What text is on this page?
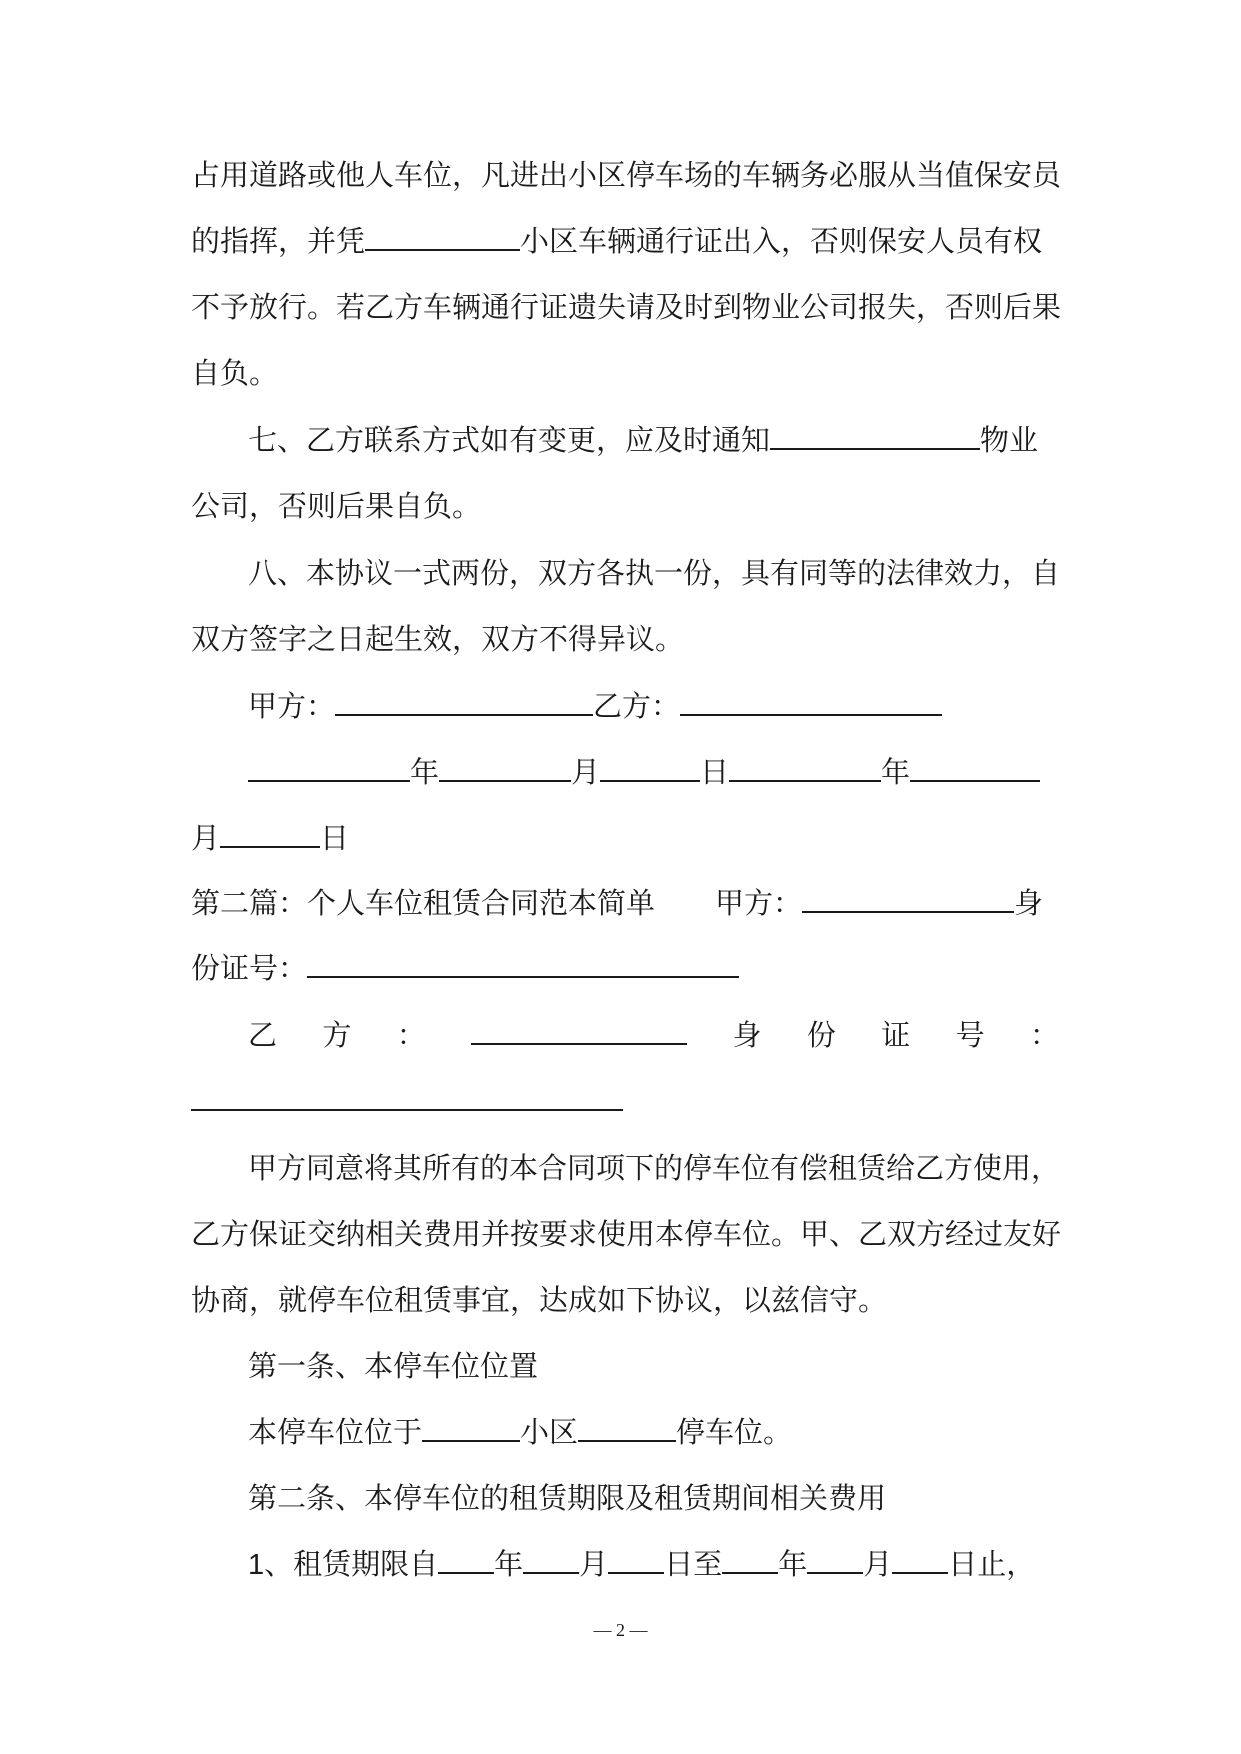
占用道路或他人车位，凡进出小区停车场的车辆务必服从当值保安员
的指挥，并凭	小区车辆通行证出入，否则保安人员有权
不予放行。若乙方车辆通行证遗失请及时到物业公司报失，否则后果
自负。
七、乙方联系方式如有变更，应及时通知	物业
公司，否则后果自负。
八、本协议一式两份，双方各执一份，具有同等的法律效力，自
双方签字之日起生效，双方不得异议。
甲方：	乙方：
年	月	日	年
月	日
第二篇：个人车位租赁合同范本简单 甲方：	身
份证号：
乙 方 ：	身 份 证 号 ：
甲方同意将其所有的本合同项下的停车位有偿租赁给乙方使用，
乙方保证交纳相关费用并按要求使用本停车位。甲、乙双方经过友好
协商，就停车位租赁事宜，达成如下协议，以兹信守。
第一条、本停车位位置
本停车位位于	小区	停车位。
第二条、本停车位的租赁期限及租赁期间相关费用
1、租赁期限自 年 月 日至 年 月 日止，
— 2 —
